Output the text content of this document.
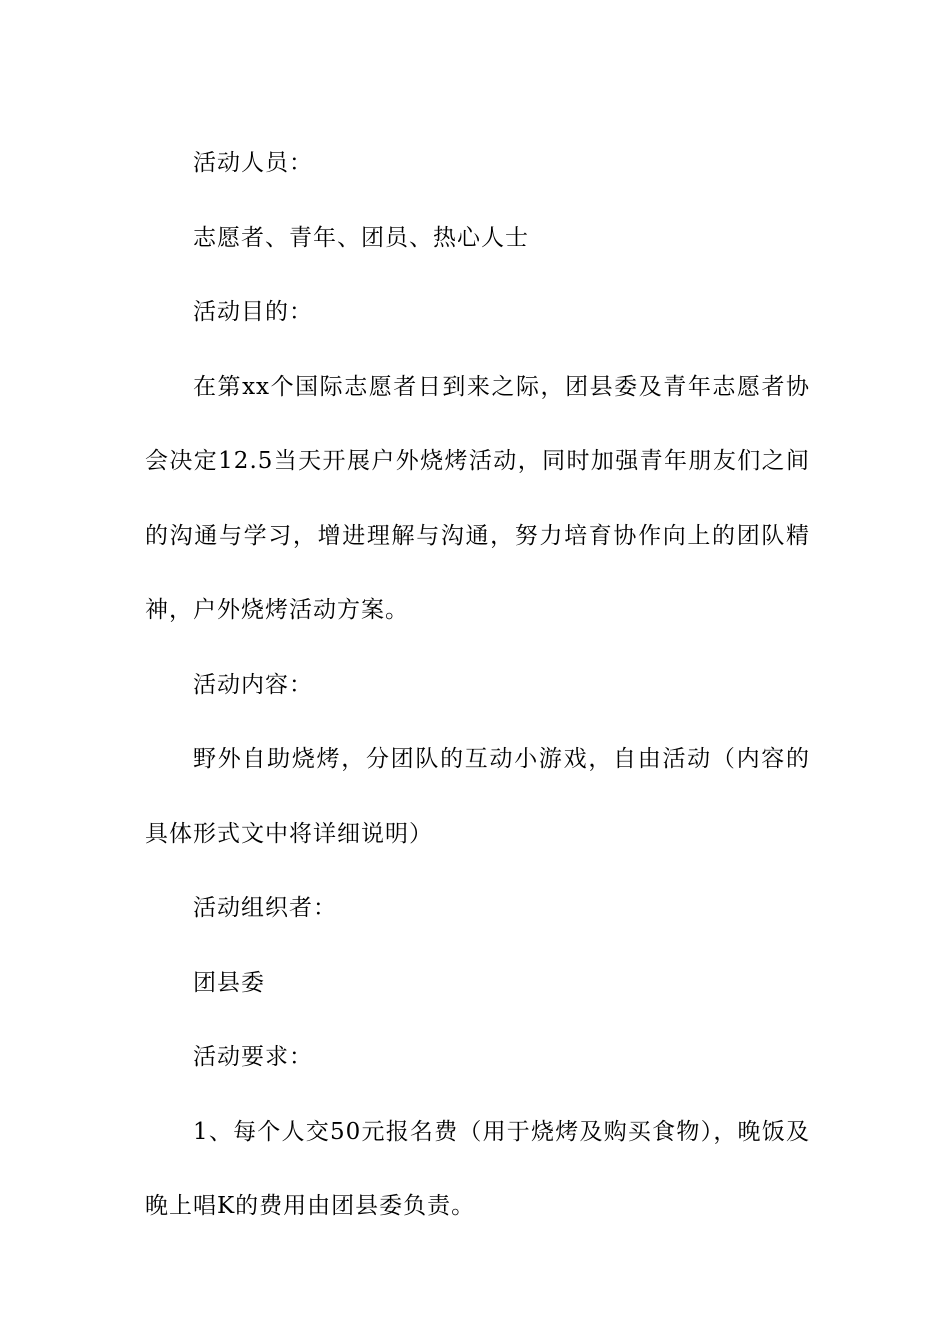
活动人员：

志愿者、青年、团员、热心人士

活动目的：

在第xx个国际志愿者日到来之际，团县委及青年志愿者协会决定12.5当天开展户外烧烤活动，同时加强青年朋友们之间的沟通与学习，增进理解与沟通，努力培育协作向上的团队精神，户外烧烤活动方案。

活动内容：

野外自助烧烤，分团队的互动小游戏，自由活动（内容的具体形式文中将详细说明）

活动组织者：

团县委

活动要求：

1、每个人交50元报名费（用于烧烤及购买食物），晚饭及晚上唱K的费用由团县委负责。
